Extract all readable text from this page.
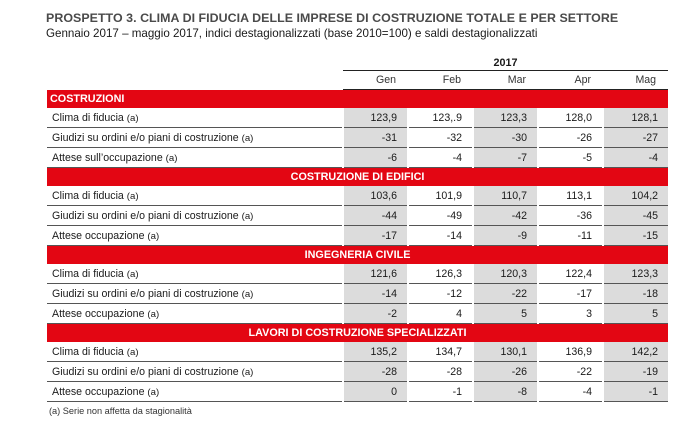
PROSPETTO 3. CLIMA DI FIDUCIA DELLE IMPRESE DI COSTRUZIONE TOTALE E PER SETTORE
Gennaio 2017 – maggio 2017, indici destagionalizzati (base 2010=100) e saldi destagionalizzati
	2017				
	Gen	Feb	Mar	Apr	Mag
COSTRUZIONI					
Clima di fiducia (a)	123,9	123,.9	123,3	128,0	128,1
Giudizi su ordini e/o piani di costruzione (a)	-31	-32	-30	-26	-27
Attese sull’occupazione (a)	-6	-4	-7	-5	-4
COSTRUZIONE DI EDIFICI					
Clima di fiducia (a)	103,6	101,9	110,7	113,1	104,2
Giudizi su ordini e/o piani di costruzione (a)	-44	-49	-42	-36	-45
Attese occupazione (a)	-17	-14	-9	-11	-15
INGEGNERIA CIVILE					
Clima di fiducia (a)	121,6	126,3	120,3	122,4	123,3
Giudizi su ordini e/o piani di costruzione (a)	-14	-12	-22	-17	-18
Attese occupazione (a)	-2	4	5	3	5
LAVORI DI COSTRUZIONE SPECIALIZZATI					
Clima di fiducia (a)	135,2	134,7	130,1	136,9	142,2
Giudizi su ordini e/o piani di costruzione (a)	-28	-28	-26	-22	-19
Attese occupazione (a)	0	-1	-8	-4	-1
(a) Serie non affetta da stagionalità
